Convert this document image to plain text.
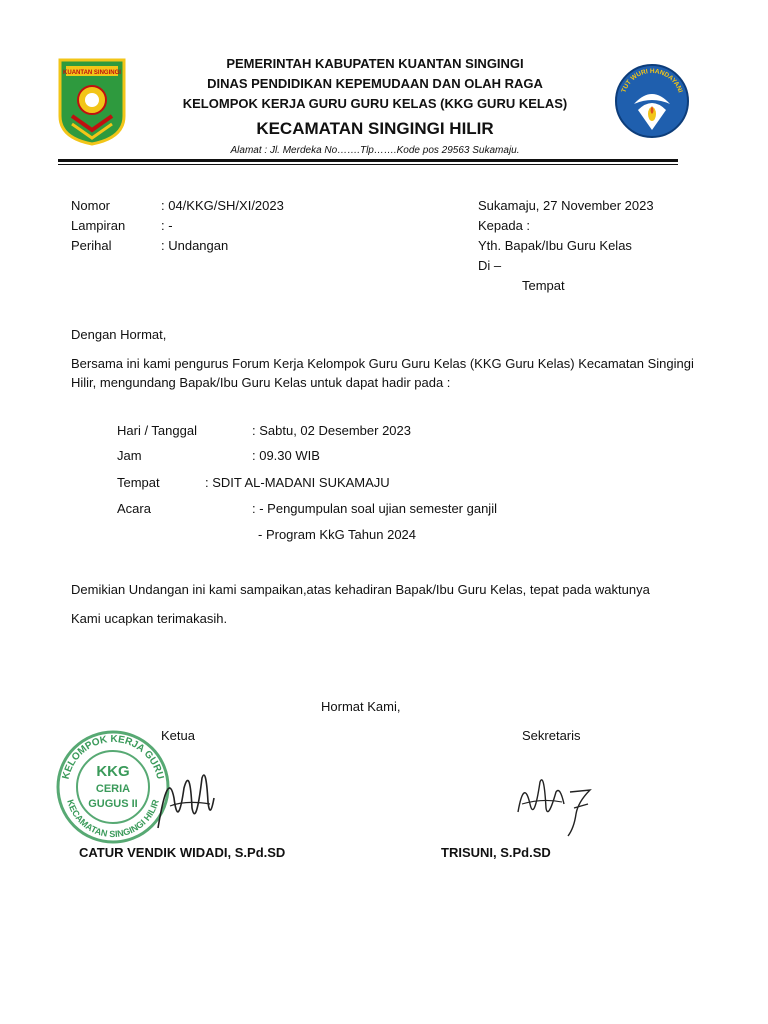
KUANTAN SINGINGI
TUT WURI HANDAYANI
PEMERINTAH KABUPATEN KUANTAN SINGINGI
DINAS PENDIDIKAN KEPEMUDAAN DAN OLAH RAGA
KELOMPOK KERJA GURU GURU KELAS (KKG GURU KELAS)
KECAMATAN SINGINGI HILIR
Alamat : Jl. Merdeka No…….Tlp…….Kode pos 29563 Sukamaju.
Nomor	: 04/KKG/SH/XI/2023
Lampiran	: -
Perihal	: Undangan
Sukamaju, 27 November 2023
Kepada :
Yth. Bapak/Ibu Guru Kelas
Di –
Tempat
Dengan Hormat,
Bersama ini kami pengurus Forum Kerja Kelompok Guru Guru Kelas (KKG Guru Kelas) Kecamatan Singingi
Hilir, mengundang Bapak/Ibu Guru Kelas untuk dapat hadir pada :
Hari / Tanggal	: Sabtu, 02 Desember 2023
Jam	: 09.30 WIB
Tempat	: SDIT AL-MADANI SUKAMAJU
Acara	: - Pengumpulan soal ujian semester ganjil
- Program KkG Tahun 2024
Demikian Undangan ini kami sampaikan,atas kehadiran Bapak/Ibu Guru Kelas, tepat pada waktunya
Kami ucapkan terimakasih.
Hormat Kami,
Ketua	Sekretaris
KELOMPOK KERJA GURU
KECAMATAN SINGINGI HILIR
KKG
CERIA
GUGUS II
CATUR VENDIK WIDADI, S.Pd.SD	TRISUNI, S.Pd.SD
